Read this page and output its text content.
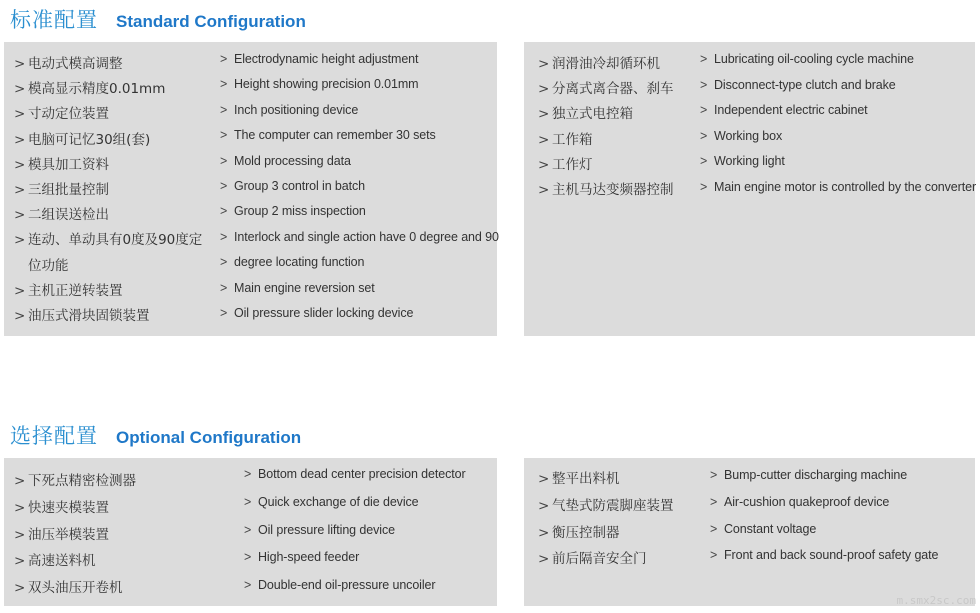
标准配置 Standard Configuration
> 电动式模高调整
> 模高显示精度0.01mm
> 寸动定位装置
> 电脑可记忆30组(套)
> 模具加工资料
> 三组批量控制
> 二组误送检出
> 连动、单动具有0度及90度定
位功能
> 主机正逆转装置
> 油压式滑块固锁装置
> Electrodynamic height adjustment
> Height showing precision 0.01mm
> Inch positioning device
> The computer can remember 30 sets
> Mold processing data
> Group 3 control in batch
> Group 2 miss inspection
> Interlock and single action have 0 degree and 90
> degree locating function
> Main engine reversion set
> Oil pressure slider locking device
> 润滑油冷却循环机
> 分离式离合器、刹车
> 独立式电控箱
> 工作箱
> 工作灯
> 主机马达变频器控制
> Lubricating oil-cooling cycle machine
> Disconnect-type clutch and brake
> Independent electric cabinet
> Working box
> Working light
> Main engine motor is controlled by the converter
选择配置 Optional Configuration
> 下死点精密检测器
> 快速夹模装置
> 油压举模装置
> 高速送料机
> 双头油压开卷机
> Bottom dead center precision detector
> Quick exchange of die device
> Oil pressure lifting device
> High-speed feeder
> Double-end oil-pressure uncoiler
> 整平出料机
> 气垫式防震脚座装置
> 衡压控制器
> 前后隔音安全门
> Bump-cutter discharging machine
> Air-cushion quakeproof device
> Constant voltage
> Front and back sound-proof safety gate
m.smx2sc.com
